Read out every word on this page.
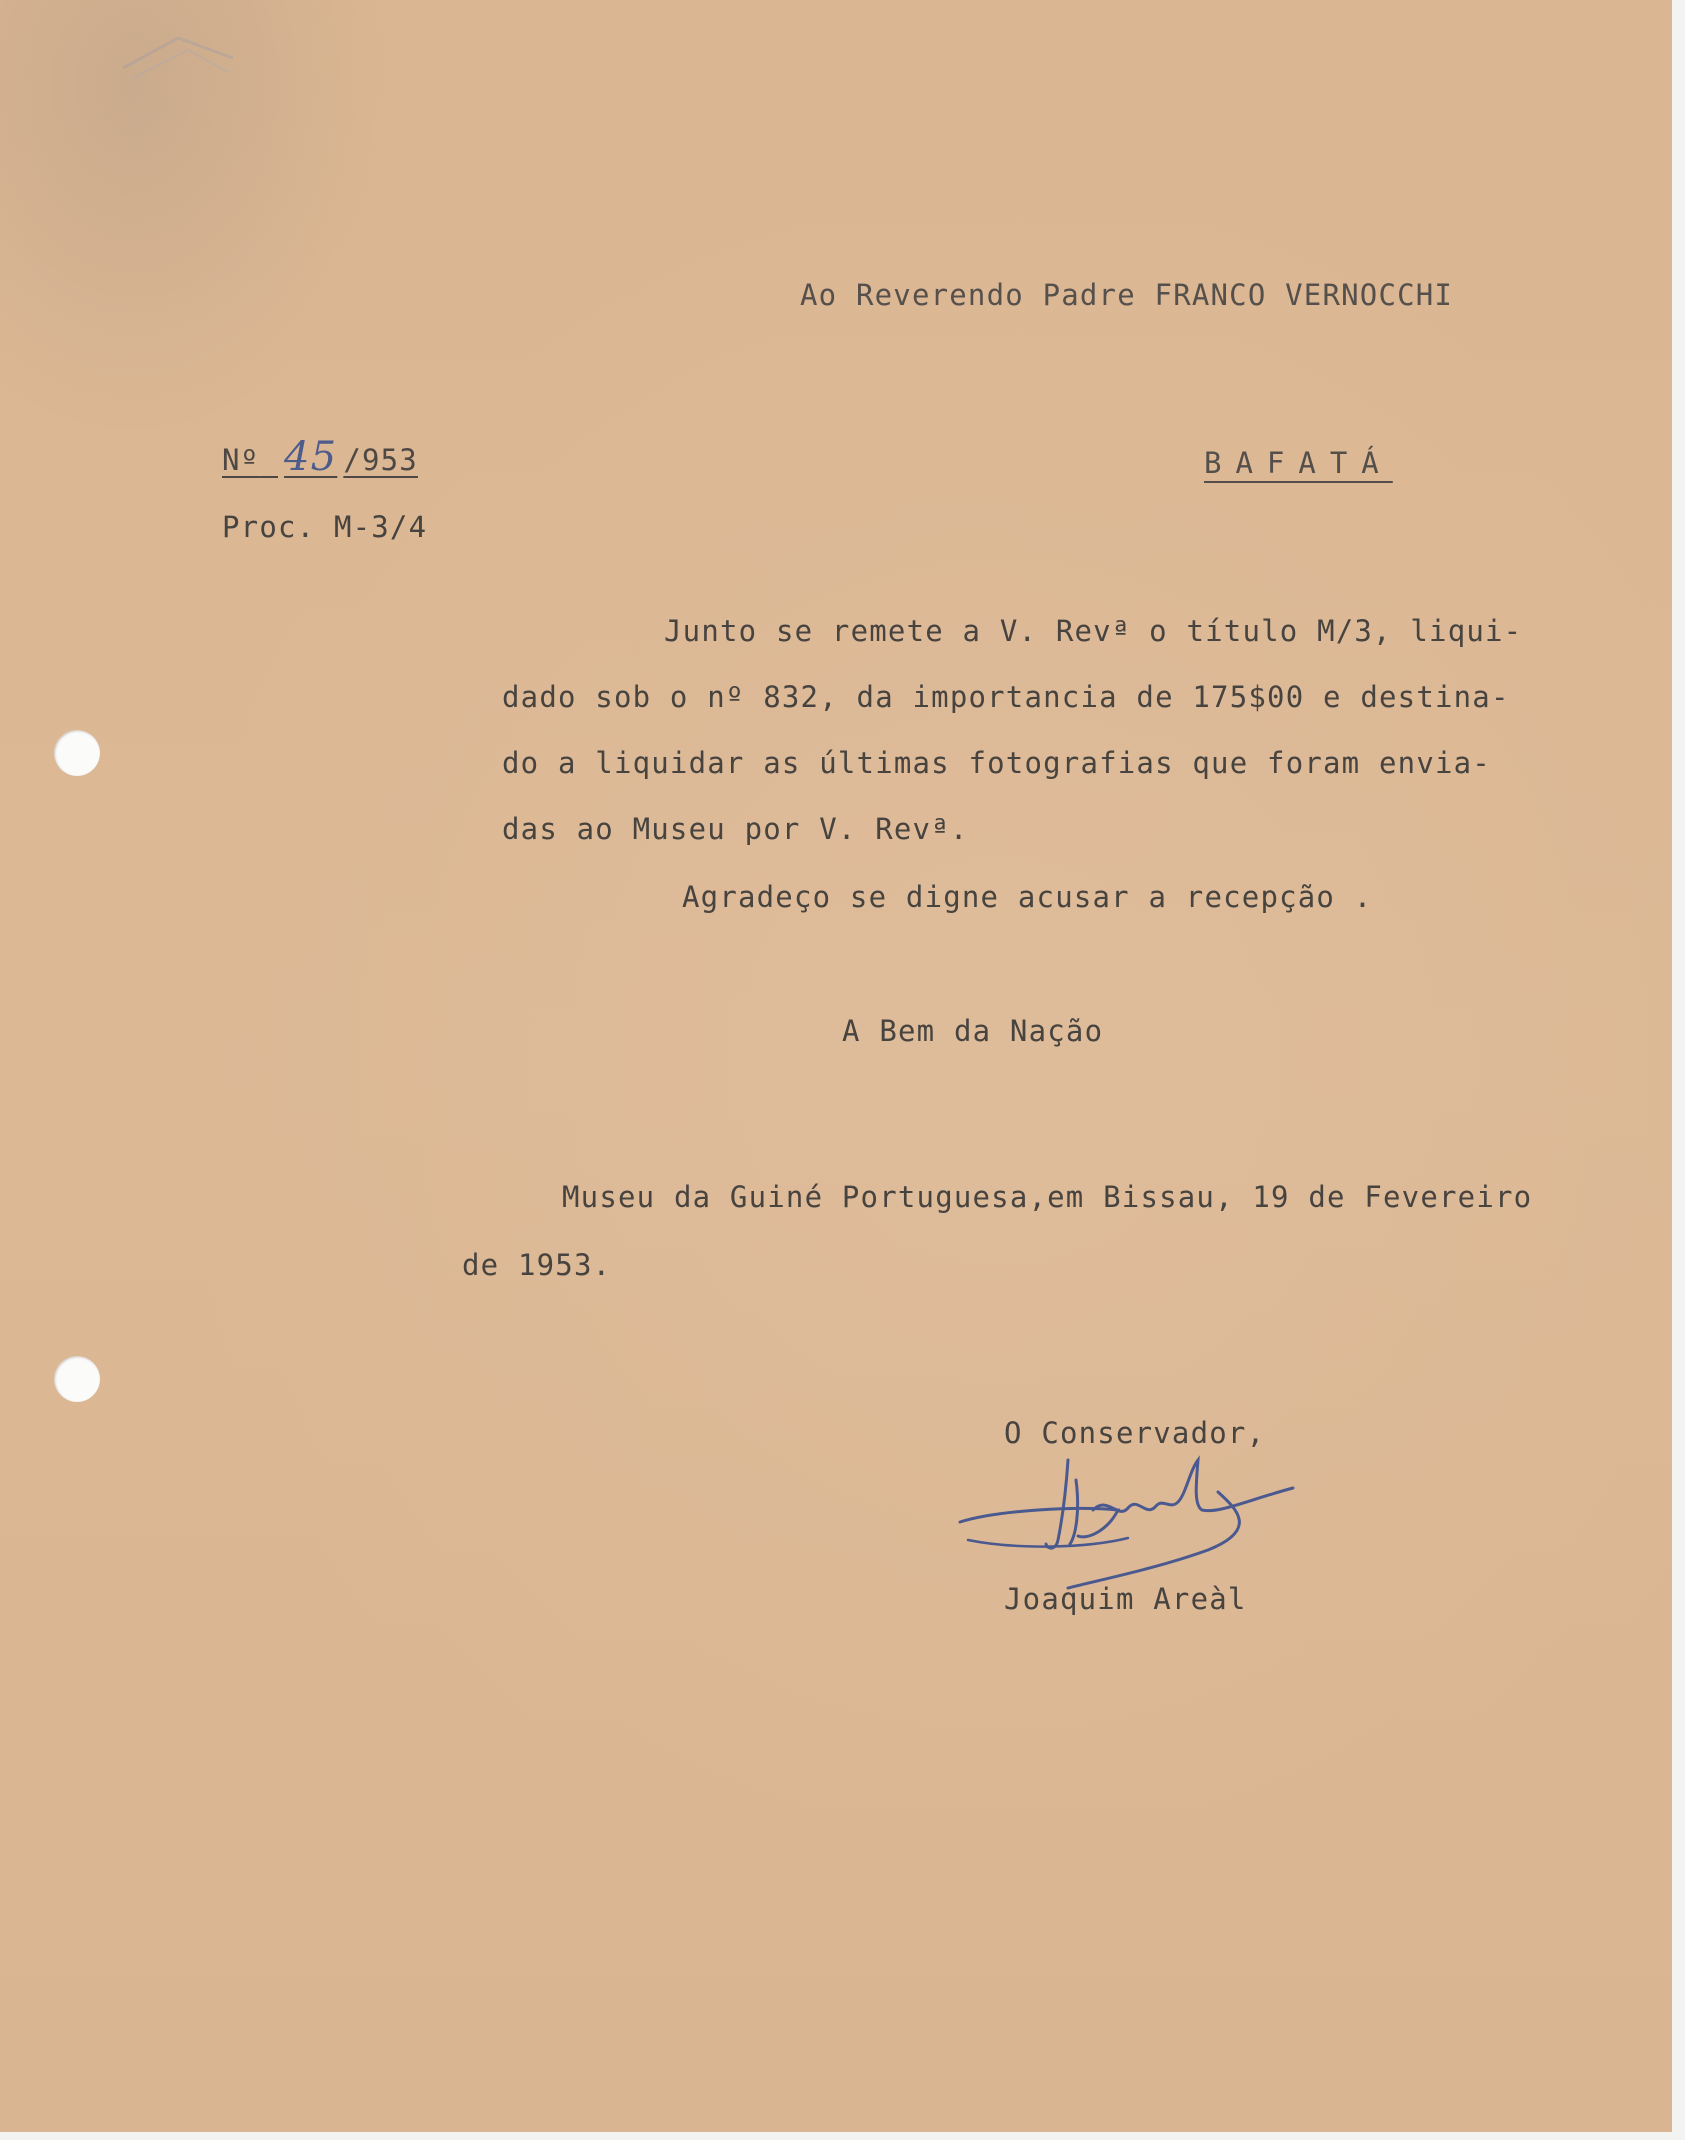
Ao Reverendo Padre FRANCO VERNOCCHI
Nº 45 /953
Proc. M-3/4
BAFATÁ
Junto se remete a V. Revª o título M/3, liqui-
dado sob o nº 832, da importancia de 175$00 e destina-
do a liquidar as últimas fotografias que foram envia-
das ao Museu por V. Revª.
Agradeço se digne acusar a recepção .
A Bem da Nação
Museu da Guiné Portuguesa,em Bissau, 19 de Fevereiro
de 1953.
O Conservador,
Joaquim Areàl
